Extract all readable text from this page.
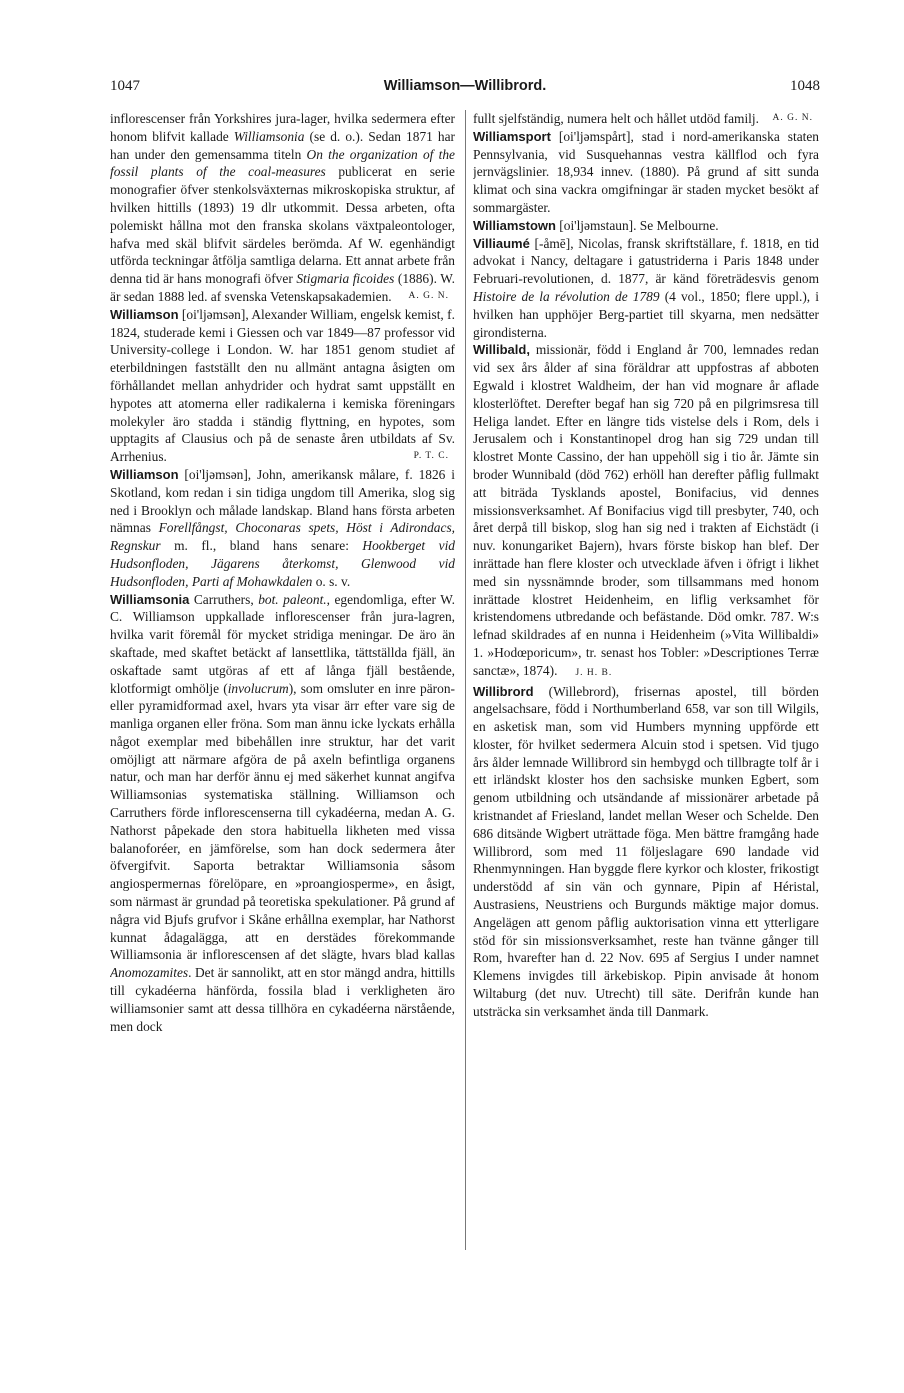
1047	Williamson—Willibrord.	1048

infloresсenser från Yorkshires jura-lager, hvilka sedermera efter honom blifvit kallade Williamsonia (se d. o.). Sedan 1871 har han under den gemensamma titeln On the organization of the fossil plants of the coal-measures publicerat en serie monografier öfver stenkolsväxternas mikroskopiska struktur, af hvilken hittills (1893) 19 dlr utkommit. Dessa arbeten, ofta polemiskt hållna mot den franska skolans växtpaleontologer, hafva med skäl blifvit särdeles berömda. Af W. egenhändigt utförda teckningar åtfölja samtliga delarna. Ett annat arbete från denna tid är hans monografi öfver Stigmaria ficoides (1886). W. är sedan 1888 led. af svenska Vetenskapsakademien. A. G. N.

Williamson [oi'ljəmsən], Alexander William, engelsk kemist, f. 1824, studerade kemi i Giessen och var 1849—87 professor vid University-college i London. W. har 1851 genom studiet af eterbildningen fastställt den nu allmänt antagna åsigten om förhållandet mellan anhydrider och hydrat samt uppställt en hypotes att atomerna eller radikalerna i kemiska föreningars molekyler äro stadda i ständig flyttning, en hypotes, som upptagits af Clausius och på de senaste åren utbildats af Sv. Arrhenius.	P. T. C.

Williamson [oi'ljəmsən], John, amerikansk målare, f. 1826 i Skotland, kom redan i sin tidiga ungdom till Amerika, slog sig ned i Brooklyn och målade landskap. Bland hans första arbeten nämnas Forellfångst, Choconaras spets, Höst i Adirondacs, Regnskur m. fl., bland hans senare: Hookberget vid Hudsonfloden, Jägarens återkomst, Glenwood vid Hudsonfloden, Parti af Mohawkdalen o. s. v.

Williamsonia Carruthers, bot. paleont., egendomliga, efter W. C. Williamson uppkallade inflorescenser från jura-lagren, hvilka varit föremål för mycket stridiga meningar. De äro än skaftade, med skaftet betäckt af lansettlika, tättställda fjäll, än oskaftade samt utgöras af ett af långa fjäll bestående, klotformigt omhölje (involucrum), som omsluter en inre päron- eller pyramidformad axel, hvars yta visar ärr efter vare sig de manliga organen eller fröna. Som man ännu icke lyckats erhålla något exemplar med bibehållen inre struktur, har det varit omöjligt att närmare afgöra de på axeln befintliga organens natur, och man har derför ännu ej med säkerhet kunnat angifva Williamsonias systematiska ställning. Williamson och Carruthers förde inflorescenserna till cykadéerna, medan A. G. Nathorst påpekade den stora habituella likheten med vissa balanoforéer, en jämförelse, som han dock sedermera åter öfvergifvit. Saporta betraktar Williamsonia såsom angiospermernas förelöpare, en »proangiospermе», en åsigt, som närmast är grundad på teoretiska spekulationer. På grund af några vid Bjufs grufvor i Skåne erhållna exemplar, har Nathorst kunnat ådagalägga, att en derstädes förekommande Williamsonia är inflorescensen af det slägte, hvars blad kallas Anomozamites. Det är sannolikt, att en stor mängd andra, hittills till cykadéerna hänförda, fossila blad i verkligheten äro williamsonier samt att dessa tillhöra en cykadéerna närstående, men dock

fullt sjelfständig, numera helt och hållet utdöd familj. A. G. N.

Williamsport [oi'ljəmspårt], stad i nord-amerikanska staten Pennsylvania, vid Susquehannas vestra källflod och fyra jernvägslinier. 18,934 innev. (1880). På grund af sitt sunda klimat och sina vackra omgifningar är staden mycket besökt af sommargäster.

Williamstown [oi'ljəmstaun]. Se Melbourne.

Villiaumé [-åmē], Nicolas, fransk skriftställare, f. 1818, en tid advokat i Nancy, deltagare i gatustriderna i Paris 1848 under Februari-revolutionen, d. 1877, är känd företrädesvis genom Histoire de la révolution de 1789 (4 vol., 1850; flere uppl.), i hvilken han upphöjer Berg-partiet till skyarna, men nedsätter girondisterna.

Willibald, missionär, född i England år 700, lemnades redan vid sex års ålder af sina föräldrar att uppfostras af abboten Egwald i klostret Waldheim, der han vid mognare år aflade klosterlöftet. Derefter begaf han sig 720 på en pilgrimsresa till Heliga landet. Efter en längre tids vistelse dels i Rom, dels i Jerusalem och i Konstantinopel drog han sig 729 undan till klostret Monte Cassino, der han uppehöll sig i tio år. Jämte sin broder Wunnibald (död 762) erhöll han derefter påflig fullmakt att biträda Tysklands apostel, Bonifacius, vid dennes missionsverksamhet. Af Bonifacius vigd till presbyter, 740, och året derpå till biskop, slog han sig ned i trakten af Eichstädt (i nuv. konungariket Bajern), hvars förste biskop han blef. Der inrättade han flere kloster och utvecklade äfven i öfrigt i likhet med sin nyssnämnde broder, som tillsammans med honom inrättade klostret Heidenheim, en liflig verksamhet för kristendomens utbredande och befästande. Död omkr. 787. W:s lefnad skildrades af en nunna i Heidenheim (»Vita Willibaldi» 1. »Hodœporicum», tr. senast hos Tobler: »Descriptiones Terræ sanctæ», 1874). J. H. B.

Willibrord (Willebrord), frisernas apostel, till börden angelsachsare, född i Northumberland 658, var son till Wilgils, en asketisk man, som vid Humbers mynning uppförde ett kloster, för hvilket sedermera Alcuin stod i spetsen. Vid tjugo års ålder lemnade Willibrord sin hembygd och tillbragte tolf år i ett irländskt kloster hos den sachsiske munken Egbert, som genom utbildning och utsändande af missionärer arbetade på kristnandet af Friesland, landet mellan Weser och Schelde. Den 686 ditsände Wigbert uträttade föga. Men bättre framgång hade Willibrord, som med 11 följeslagare 690 landade vid Rhenmynningen. Han byggde flere kyrkor och kloster, frikostigt understödd af sin vän och gynnare, Pipin af Héristal, Austrasiens, Neustriens och Burgunds mäktige major domus. Angelägen att genom påflig auktorisation vinna ett ytterligare stöd för sin missionsverksamhet, reste han tvänne gånger till Rom, hvarefter han d. 22 Nov. 695 af Sergius I under namnet Klemens invigdes till ärkebiskop. Pipin anvisade åt honom Wiltaburg (det nuv. Utrecht) till säte. Derifrån kunde han utsträcka sin verksamhet ända till Danmark.
